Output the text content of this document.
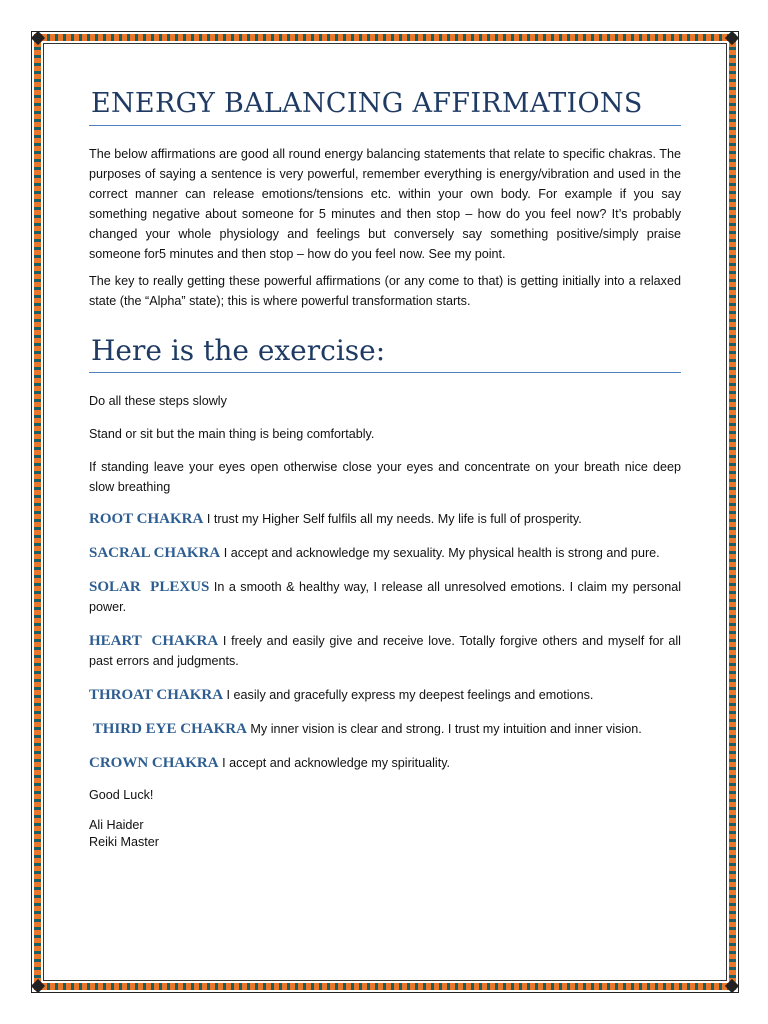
ENERGY BALANCING AFFIRMATIONS

The below affirmations are good all round energy balancing statements that relate to specific chakras. The purposes of saying a sentence is very powerful, remember everything is energy/vibration and used in the correct manner can release emotions/tensions etc. within your own body. For example if you say something negative about someone for 5 minutes and then stop – how do you feel now? It’s probably changed your whole physiology and feelings but conversely say something positive/simply praise someone for5 minutes and then stop – how do you feel now. See my point.

The key to really getting these powerful affirmations (or any come to that) is getting initially into a relaxed state (the “Alpha” state); this is where powerful transformation starts.

Here is the exercise:

Do all these steps slowly

Stand or sit but the main thing is being comfortably.

If standing leave your eyes open otherwise close your eyes and concentrate on your breath nice deep slow breathing

ROOT CHAKRA I trust my Higher Self fulfils all my needs. My life is full of prosperity.

SACRAL CHAKRA I accept and acknowledge my sexuality. My physical health is strong and pure.

SOLAR  PLEXUS In a smooth & healthy way, I release all unresolved emotions. I claim my personal power.

HEART  CHAKRA I freely and easily give and receive love. Totally forgive others and myself for all past errors and judgments.

THROAT CHAKRA I easily and gracefully express my deepest feelings and emotions.

THIRD EYE CHAKRA My inner vision is clear and strong. I trust my intuition and inner vision.

CROWN CHAKRA I accept and acknowledge my spirituality.

Good Luck!

Ali Haider

Reiki Master
